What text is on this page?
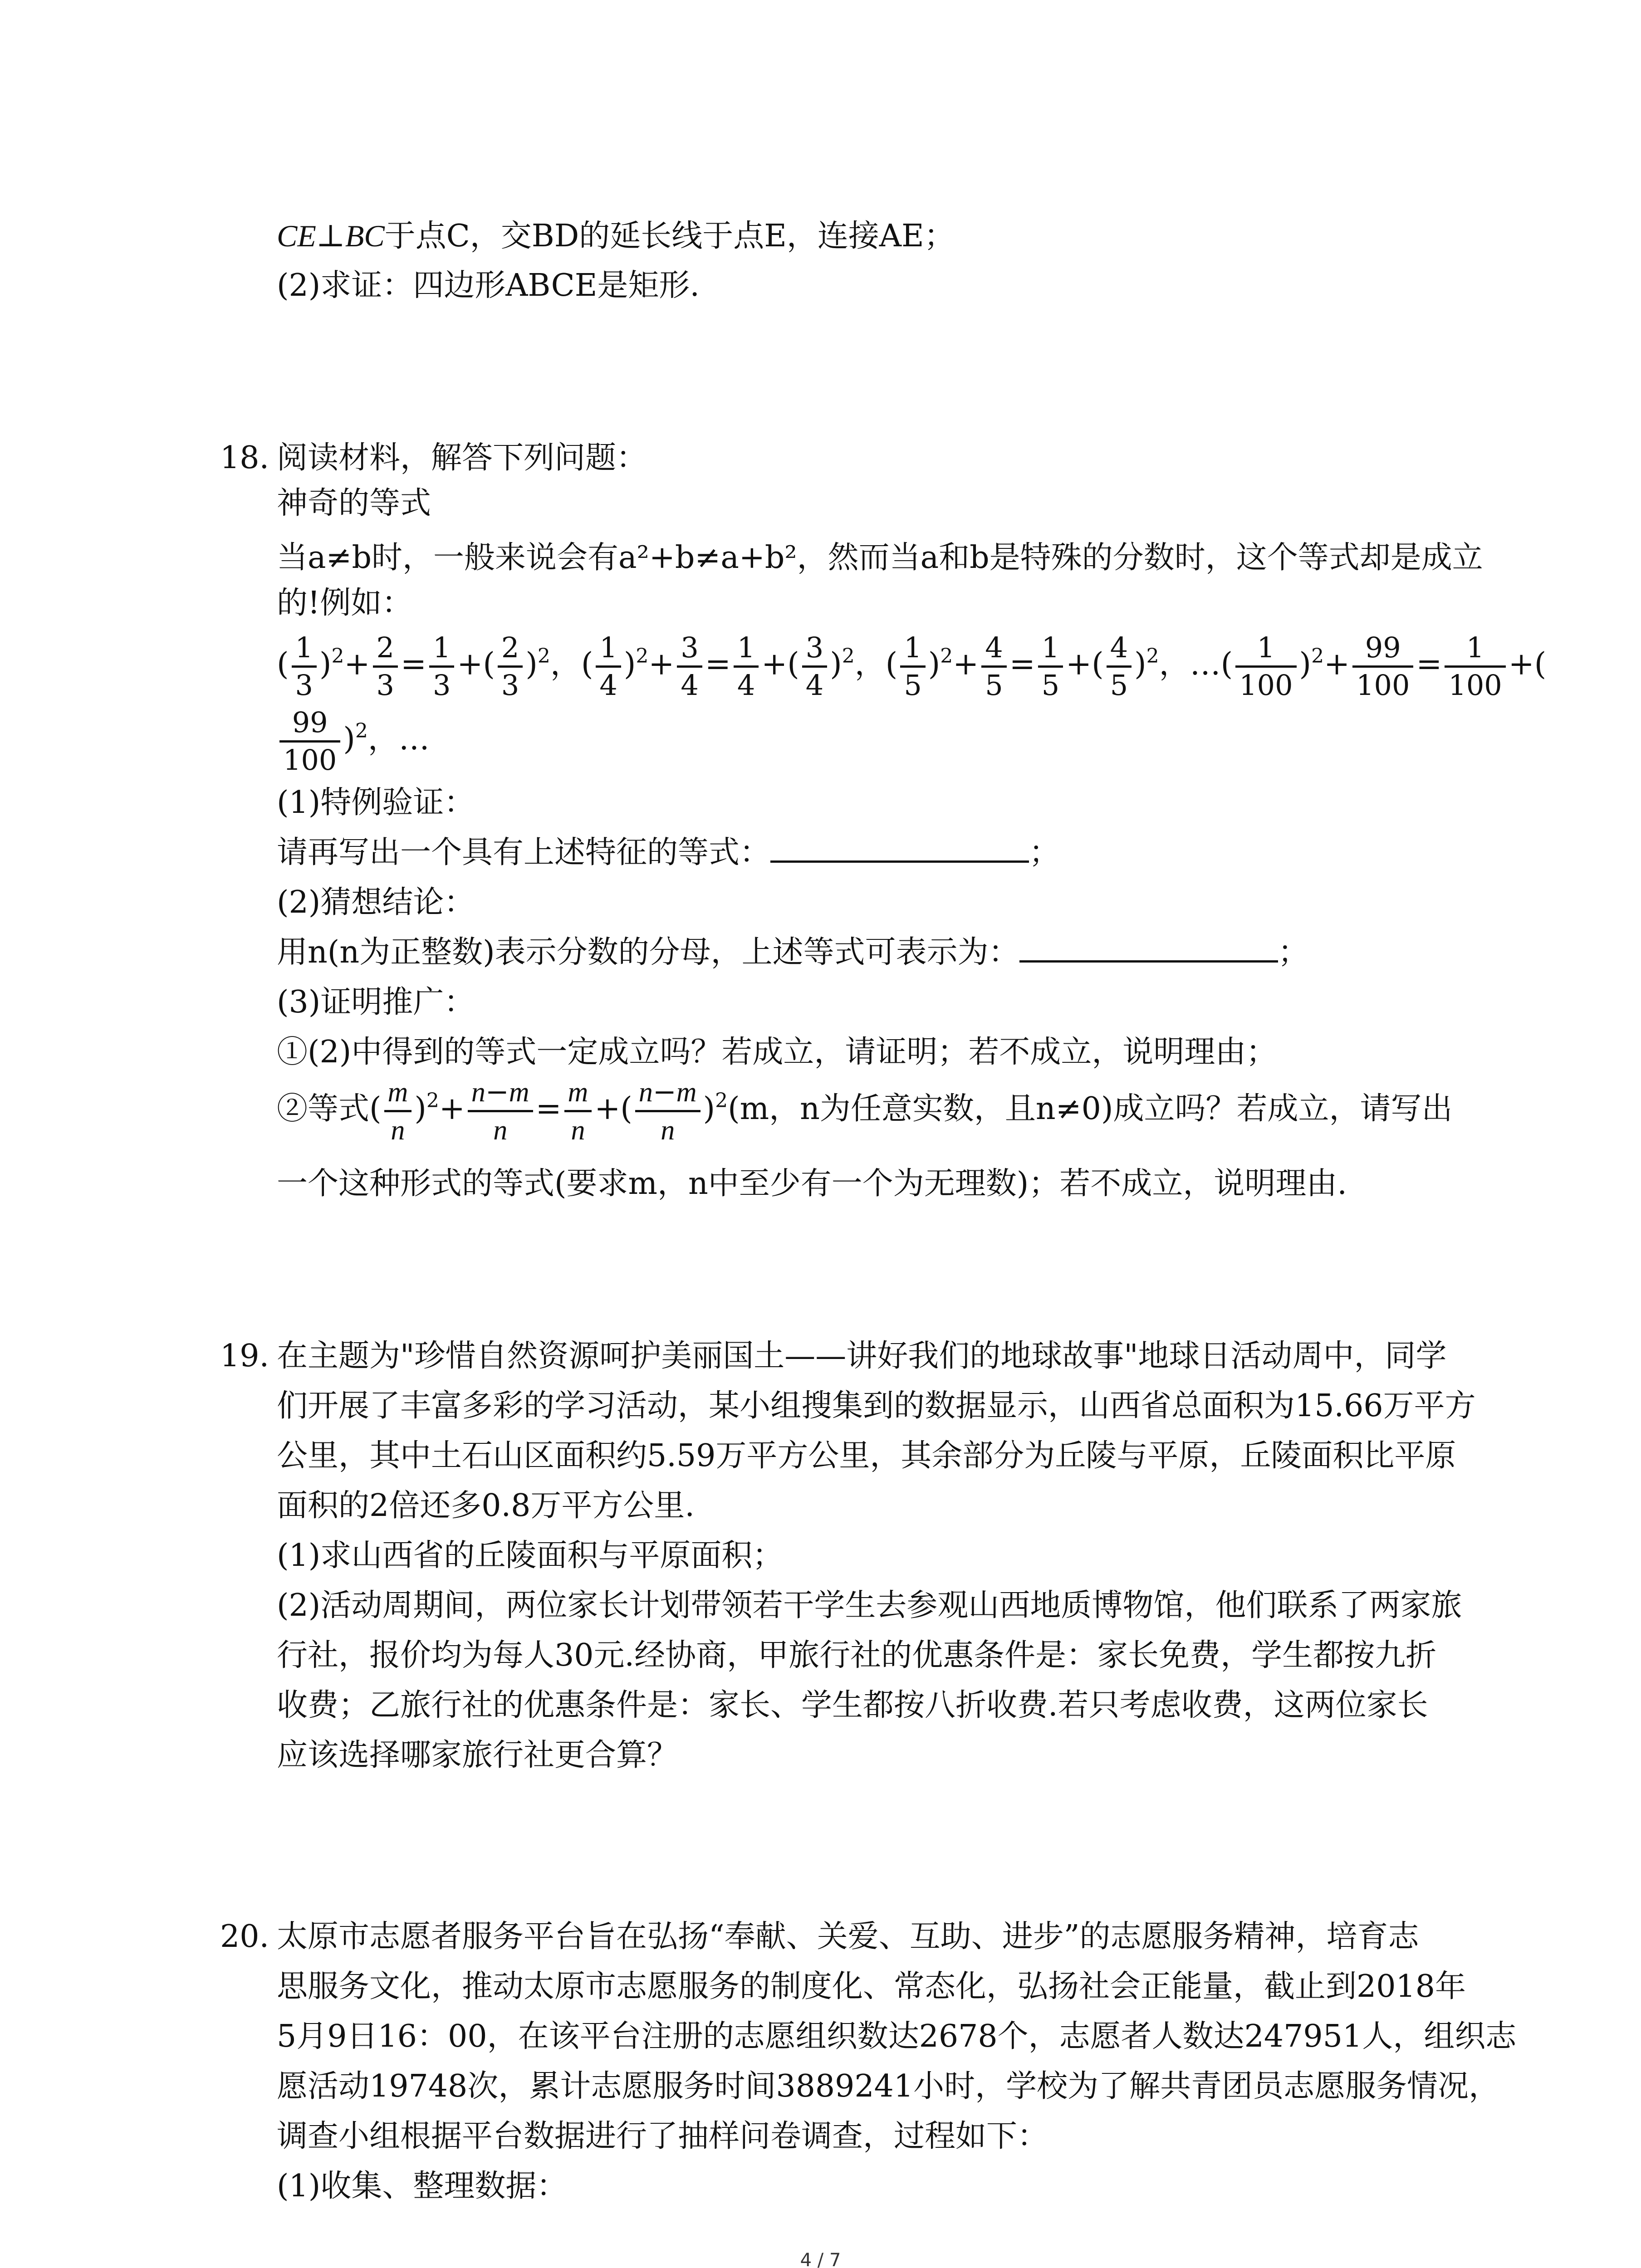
CE⊥BC于点C，交BD的延长线于点E，连接AE；
(2)求证：四边形ABCE是矩形.
18. 阅读材料，解答下列问题：
神奇的等式
当a≠b时，一般来说会有a²+b≠a+b²，然而当a和b是特殊的分数时，这个等式却是成立
的!例如：
( $\frac{1}{3} )^2+ \frac{2}{3} = \frac{1}{3}$ +( $\frac{2}{3} )^2$，( $\frac{1}{4} )^2+ \frac{3}{4} = \frac{1}{4}$ +( $\frac{3}{4} )^2$，( $\frac{1}{5} )^2+ \frac{4}{5} = \frac{1}{5}$ +( $\frac{4}{5} )^2$，…( $\frac{1}{100} )^2+ \frac{99}{100} = \frac{1}{100}$ +(
$\frac{99}{100} )^2$，…
(1)特例验证：
请再写出一个具有上述特征的等式：	；
(2)猜想结论：
用n(n为正整数)表示分数的分母，上述等式可表示为：	；
(3)证明推广：
①(2)中得到的等式一定成立吗？若成立，请证明；若不成立，说明理由；
②等式( $\frac{m}{n} )^2+ \frac{n-m}{n} = \frac{m}{n}$ +( $\frac{n-m}{n} )^2(m$，n为任意实数，且n≠0)成立吗？若成立，请写出
一个这种形式的等式(要求m，n中至少有一个为无理数)；若不成立，说明理由.
19. 在主题为"珍惜自然资源呵护美丽国土——讲好我们的地球故事"地球日活动周中，同学
们开展了丰富多彩的学习活动，某小组搜集到的数据显示，山西省总面积为15.66万平方
公里，其中土石山区面积约5.59万平方公里，其余部分为丘陵与平原，丘陵面积比平原
面积的2倍还多0.8万平方公里.
(1)求山西省的丘陵面积与平原面积；
(2)活动周期间，两位家长计划带领若干学生去参观山西地质博物馆，他们联系了两家旅
行社，报价均为每人30元.经协商，甲旅行社的优惠条件是：家长免费，学生都按九折
收费；乙旅行社的优惠条件是：家长、学生都按八折收费.若只考虑收费，这两位家长
应该选择哪家旅行社更合算？
20. 太原市志愿者服务平台旨在弘扬“奉献、关爱、互助、进步”的志愿服务精神，培育志
思服务文化，推动太原市志愿服务的制度化、常态化，弘扬社会正能量，截止到2018年
5月9日16：00，在该平台注册的志愿组织数达2678个，志愿者人数达247951人，组织志
愿活动19748次，累计志愿服务时间3889241小时，学校为了解共青团员志愿服务情况，
调查小组根据平台数据进行了抽样问卷调查，过程如下：
(1)收集、整理数据：
4 / 7
